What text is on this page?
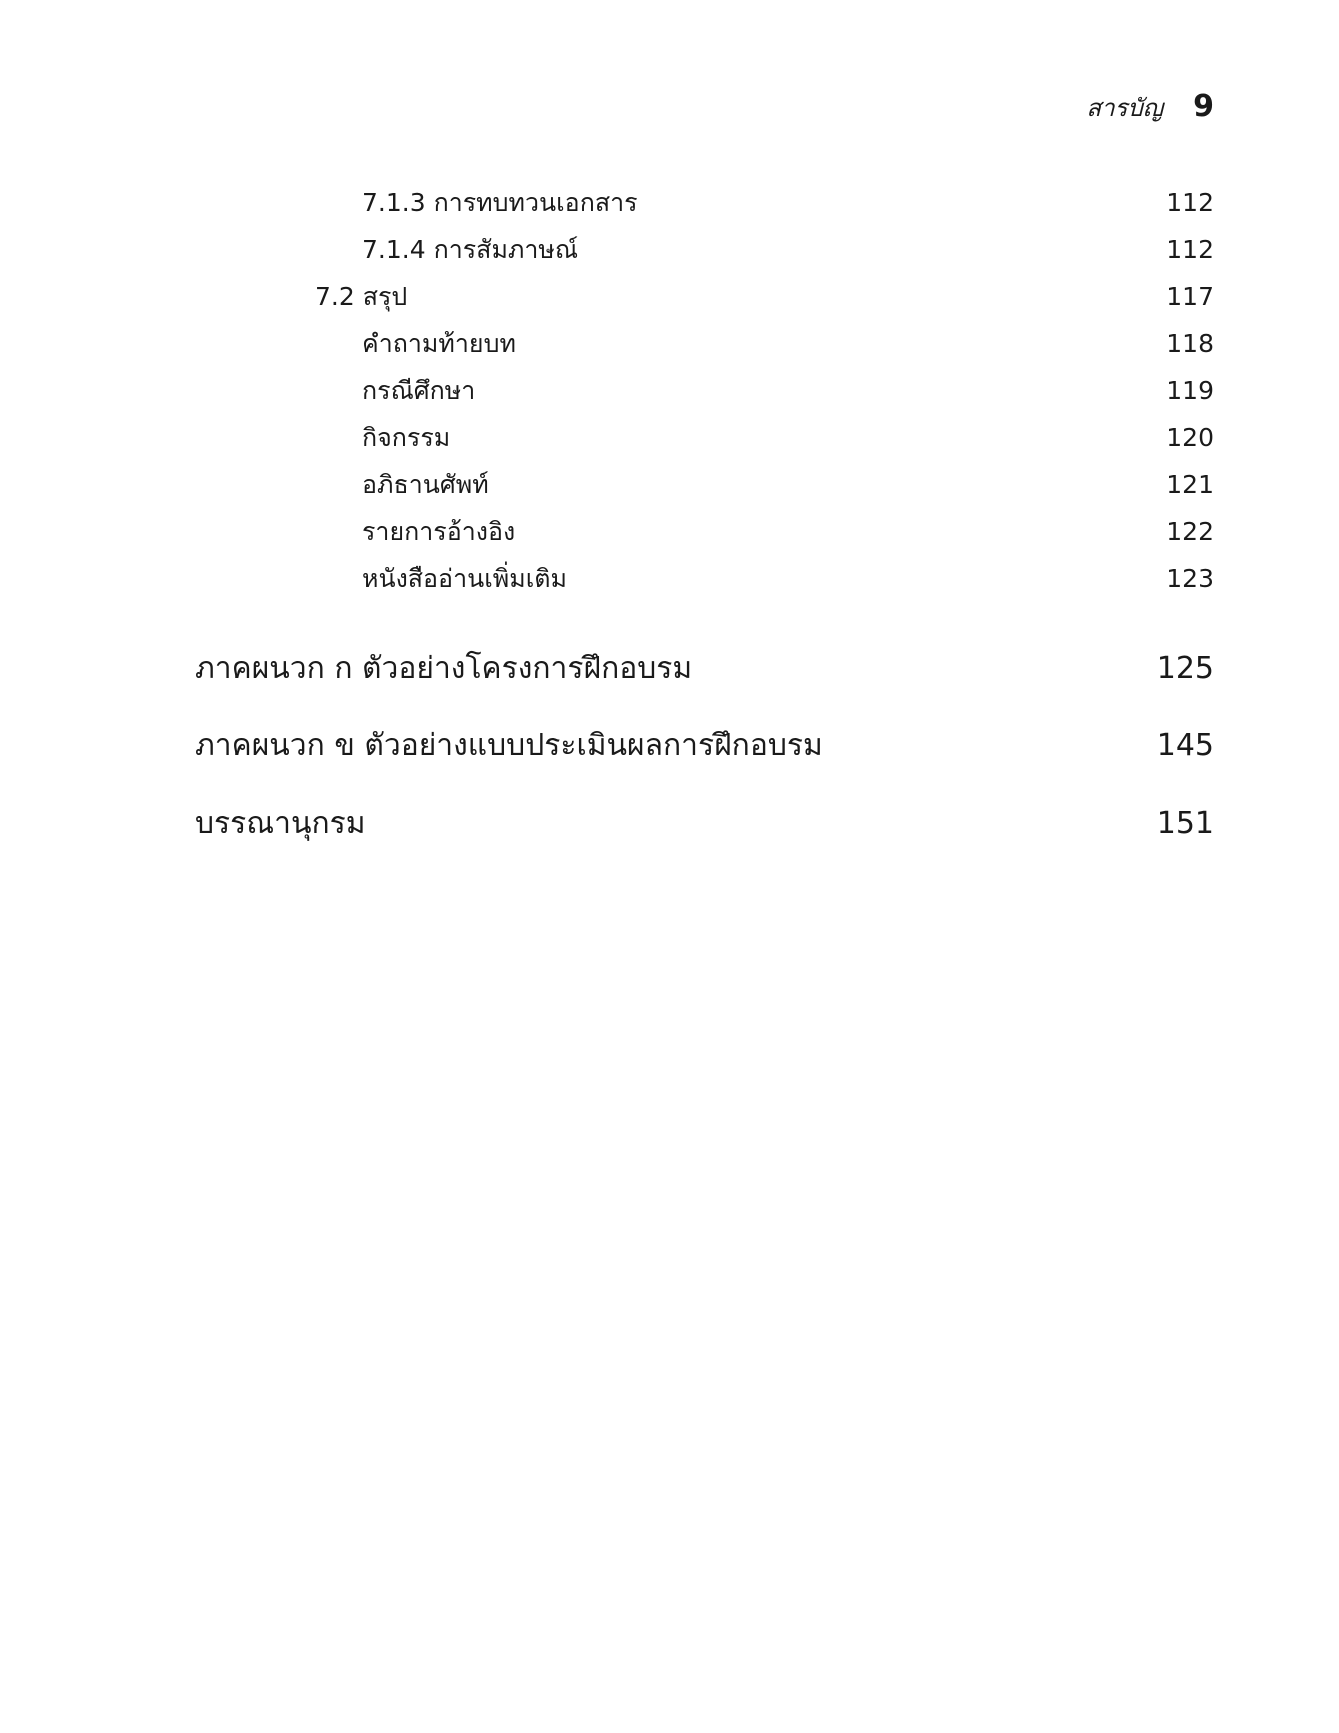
สารบัญ 9
7.1.3 การทบทวนเอกสาร	112
7.1.4 การสัมภาษณ์	112
7.2 สรุป	117
คำถามท้ายบท	118
กรณีศึกษา	119
กิจกรรม	120
อภิธานศัพท์	121
รายการอ้างอิง	122
หนังสืออ่านเพิ่มเติม	123
ภาคผนวก ก ตัวอย่างโครงการฝึกอบรม	125
ภาคผนวก ข ตัวอย่างแบบประเมินผลการฝึกอบรม	145
บรรณานุกรม	151
